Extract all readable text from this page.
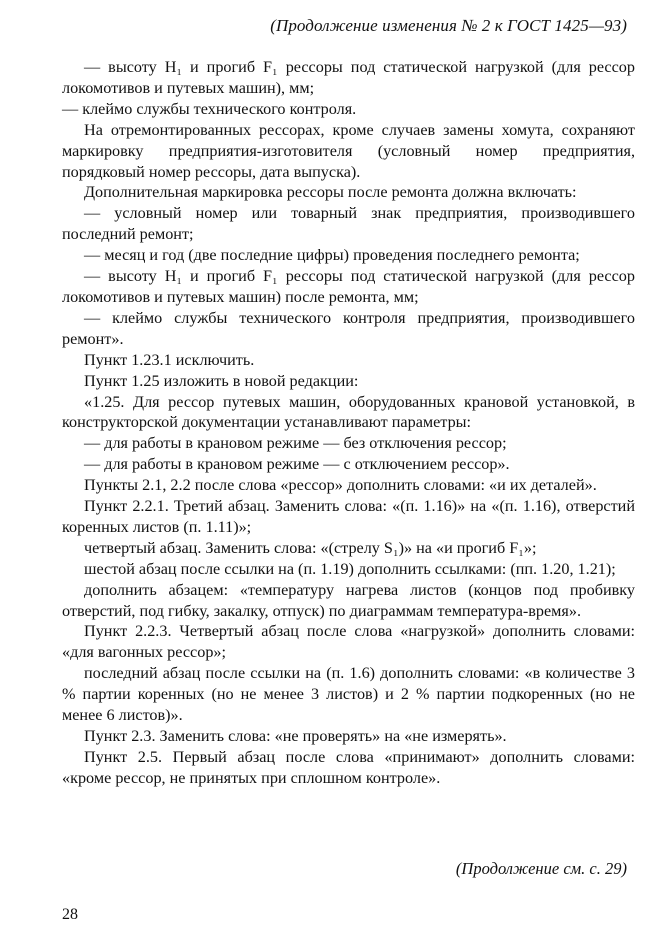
(Продолжение изменения № 2 к ГОСТ 1425—93)

— высоту H₁ и прогиб F₁ рессоры под статической нагрузкой (для рессор локомотивов и путевых машин), мм;

— клеймо службы технического контроля.

На отремонтированных рессорах, кроме случаев замены хомута, сохраняют маркировку предприятия-изготовителя (условный номер предприятия, порядковый номер рессоры, дата выпуска).

Дополнительная маркировка рессоры после ремонта должна включать:

— условный номер или товарный знак предприятия, производившего последний ремонт;

— месяц и год (две последние цифры) проведения последнего ремонта;

— высоту H₁ и прогиб F₁ рессоры под статической нагрузкой (для рессор локомотивов и путевых машин) после ремонта, мм;

— клеймо службы технического контроля предприятия, производившего ремонт».

Пункт 1.23.1 исключить.

Пункт 1.25 изложить в новой редакции:

«1.25. Для рессор путевых машин, оборудованных крановой установкой, в конструкторской документации устанавливают параметры:

— для работы в крановом режиме — без отключения рессор;

— для работы в крановом режиме — с отключением рессор».

Пункты 2.1, 2.2 после слова «рессор» дополнить словами: «и их деталей».

Пункт 2.2.1. Третий абзац. Заменить слова: «(п. 1.16)» на «(п. 1.16), отверстий коренных листов (п. 1.11)»;

четвертый абзац. Заменить слова: «(стрелу S₁)» на «и прогиб F₁»;

шестой абзац после ссылки на (п. 1.19) дополнить ссылками: (пп. 1.20, 1.21);

дополнить абзацем: «температуру нагрева листов (концов под пробивку отверстий, под гибку, закалку, отпуск) по диаграммам температура-время».

Пункт 2.2.3. Четвертый абзац после слова «нагрузкой» дополнить словами: «для вагонных рессор»;

последний абзац после ссылки на (п. 1.6) дополнить словами: «в количестве 3 % партии коренных (но не менее 3 листов) и 2 % партии подкоренных (но не менее 6 листов)».

Пункт 2.3. Заменить слова: «не проверять» на «не измерять».

Пункт 2.5. Первый абзац после слова «принимают» дополнить словами: «кроме рессор, не принятых при сплошном контроле».

(Продолжение см. с. 29)
28
